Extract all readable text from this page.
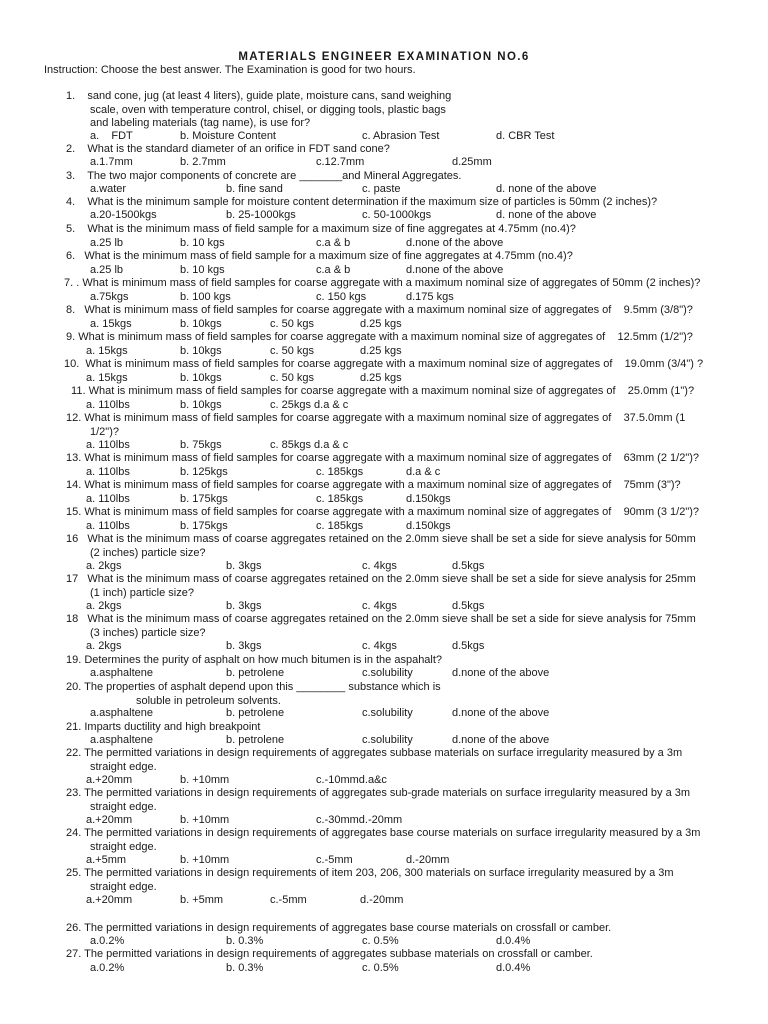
MATERIALS ENGINEER EXAMINATION NO.6
Instruction: Choose the best answer. The Examination is good for two hours.
1.    sand cone, jug (at least 4 liters), guide plate, moisture cans, sand weighing
scale, oven with temperature control, chisel, or digging tools, plastic bags
and labeling materials (tag name), is use for?
a.    FDT	b. Moisture Content	c. Abrasion Test	d. CBR Test
2.    What is the standard diameter of an orifice in FDT sand cone?
a.1.7mm	b. 2.7mm	c.12.7mm	d.25mm
3.    The two major components of concrete are _______and Mineral Aggregates.
a.water	b. fine sand	c. paste	d. none of the above
4.    What is the minimum sample for moisture content determination if the maximum size of particles is 50mm (2 inches)?
a.20-1500kgs	b. 25-1000kgs	c. 50-1000kgs	d. none of the above
5.    What is the minimum mass of field sample for a maximum size of fine aggregates at 4.75mm (no.4)?
a.25 lb	b. 10 kgs	c.a & b	d.none of the above
6.   What is the minimum mass of field sample for a maximum size of fine aggregates at 4.75mm (no.4)?
a.25 lb	b. 10 kgs	c.a & b	d.none of the above
7. . What is minimum mass of field samples for coarse aggregate with a maximum nominal size of aggregates of 50mm (2 inches)?
a.75kgs	b. 100 kgs	c. 150 kgs	d.175 kgs
8.   What is minimum mass of field samples for coarse aggregate with a maximum nominal size of aggregates of    9.5mm (3/8")?
a. 15kgs	b. 10kgs	c. 50 kgs	d.25 kgs
9. What is minimum mass of field samples for coarse aggregate with a maximum nominal size of aggregates of    12.5mm (1/2")?
a. 15kgs	b. 10kgs	c. 50 kgs	d.25 kgs
10.  What is minimum mass of field samples for coarse aggregate with a maximum nominal size of aggregates of    19.0mm (3/4") ?
a. 15kgs	b. 10kgs	c. 50 kgs	d.25 kgs
11. What is minimum mass of field samples for coarse aggregate with a maximum nominal size of aggregates of    25.0mm (1")?
a. 110lbs	b. 10kgs	c. 25kgs d.a & c
12. What is minimum mass of field samples for coarse aggregate with a maximum nominal size of aggregates of    37.5.0mm (1
1/2")?
a. 110lbs	b. 75kgs	c. 85kgs d.a & c
13. What is minimum mass of field samples for coarse aggregate with a maximum nominal size of aggregates of    63mm (2 1/2")?
a. 110lbs	b. 125kgs	c. 185kgs	d.a & c
14. What is minimum mass of field samples for coarse aggregate with a maximum nominal size of aggregates of    75mm (3")?
a. 110lbs	b. 175kgs	c. 185kgs	d.150kgs
15. What is minimum mass of field samples for coarse aggregate with a maximum nominal size of aggregates of    90mm (3 1/2")?
a. 110lbs	b. 175kgs	c. 185kgs	d.150kgs
16   What is the minimum mass of coarse aggregates retained on the 2.0mm sieve shall be set a side for sieve analysis for 50mm
(2 inches) particle size?
a. 2kgs	b. 3kgs	c. 4kgs	d.5kgs
17   What is the minimum mass of coarse aggregates retained on the 2.0mm sieve shall be set a side for sieve analysis for 25mm
(1 inch) particle size?
a. 2kgs	b. 3kgs	c. 4kgs	d.5kgs
18   What is the minimum mass of coarse aggregates retained on the 2.0mm sieve shall be set a side for sieve analysis for 75mm
(3 inches) particle size?
a. 2kgs	b. 3kgs	c. 4kgs	d.5kgs
19. Determines the purity of asphalt on how much bitumen is in the aspahalt?
a.asphaltene	b. petrolene	c.solubility	d.none of the above
20. The properties of asphalt depend upon this ________ substance which is
soluble in petroleum solvents.
a.asphaltene	b. petrolene	c.solubility	d.none of the above
21. Imparts ductility and high breakpoint
a.asphaltene	b. petrolene	c.solubility	d.none of the above
22. The permitted variations in design requirements of aggregates subbase materials on surface irregularity measured by a 3m
straight edge.
a.+20mm	b. +10mm	c.-10mmd.a&c
23. The permitted variations in design requirements of aggregates sub-grade materials on surface irregularity measured by a 3m
straight edge.
a.+20mm	b. +10mm	c.-30mmd.-20mm
24. The permitted variations in design requirements of aggregates base course materials on surface irregularity measured by a 3m
straight edge.
a.+5mm	b. +10mm	c.-5mm	d.-20mm
25. The permitted variations in design requirements of item 203, 206, 300 materials on surface irregularity measured by a 3m
straight edge.
a.+20mm	b. +5mm	c.-5mm	d.-20mm
26. The permitted variations in design requirements of aggregates base course materials on crossfall or camber.
a.0.2%	b. 0.3%	c. 0.5%	d.0.4%
27. The permitted variations in design requirements of aggregates subbase materials on crossfall or camber.
a.0.2%	b. 0.3%	c. 0.5%	d.0.4%
